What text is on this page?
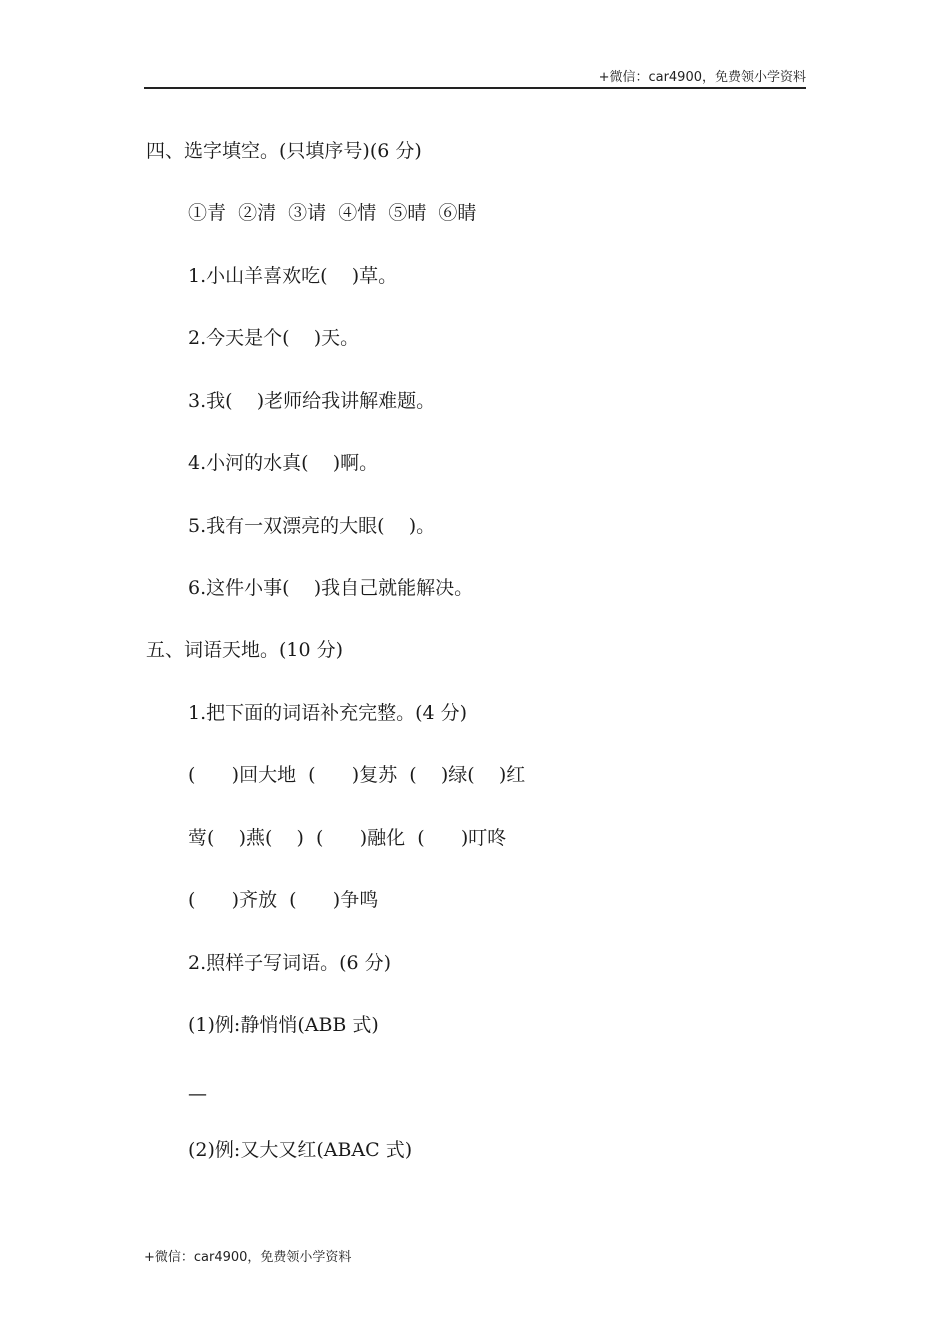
+微信：car4900，免费领小学资料
四、选字填空。(只填序号)(6 分)
①青  ②清  ③请  ④情  ⑤晴  ⑥睛
1.小山羊喜欢吃(    )草。
2.今天是个(    )天。
3.我(    )老师给我讲解难题。
4.小河的水真(    )啊。
5.我有一双漂亮的大眼(    )。
6.这件小事(    )我自己就能解决。
五、词语天地。(10 分)
1.把下面的词语补充完整。(4 分)
(      )回大地  (      )复苏  (    )绿(    )红
莺(    )燕(    )  (      )融化  (      )叮咚
(      )齐放  (      )争鸣
2.照样子写词语。(6 分)
(1)例:静悄悄(ABB 式)
—
(2)例:又大又红(ABAC 式)
+微信：car4900，免费领小学资料
